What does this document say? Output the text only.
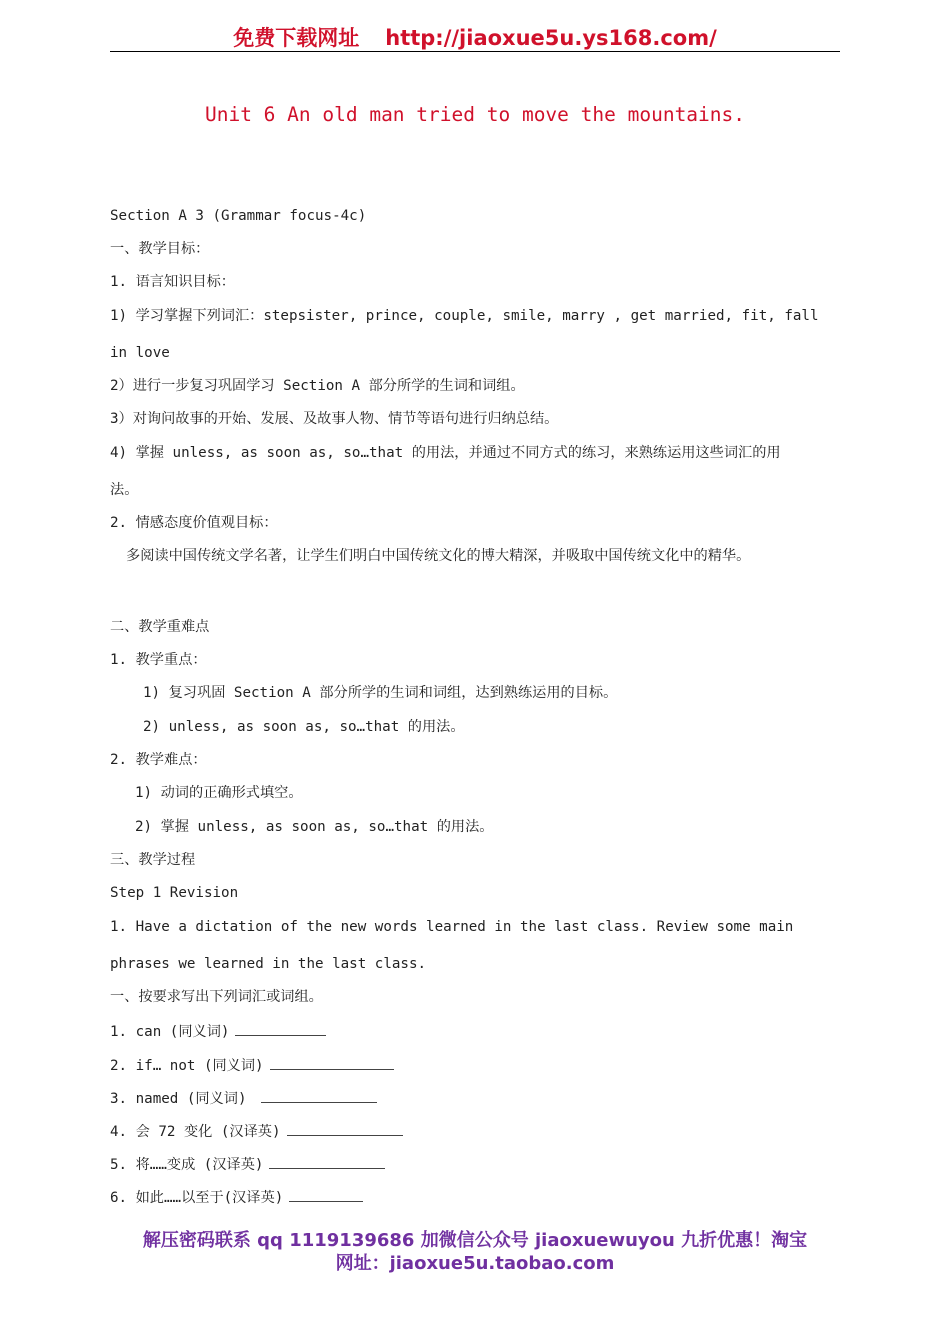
免费下载网址 http://jiaoxue5u.ys168.com/
Unit 6 An old man tried to move the mountains.
Section A 3 (Grammar focus-4c)
一、教学目标：
1. 语言知识目标：
1) 学习掌握下列词汇：stepsister, prince, couple, smile, marry , get married, fit, fall
in love
2）进行一步复习巩固学习 Section A 部分所学的生词和词组。
3）对询问故事的开始、发展、及故事人物、情节等语句进行归纳总结。
4) 掌握 unless, as soon as, so…that 的用法，并通过不同方式的练习，来熟练运用这些词汇的用
法。
2. 情感态度价值观目标：
多阅读中国传统文学名著，让学生们明白中国传统文化的博大精深，并吸取中国传统文化中的精华。
二、教学重难点
1. 教学重点：
1) 复习巩固 Section A 部分所学的生词和词组，达到熟练运用的目标。
2) unless, as soon as, so…that 的用法。
2. 教学难点：
1) 动词的正确形式填空。
2) 掌握 unless, as soon as, so…that 的用法。
三、教学过程
Step 1 Revision
1. Have a dictation of the new words learned in the last class. Review some main
phrases we learned in the last class.
一、按要求写出下列词汇或词组。
1. can (同义词)
2. if… not (同义词)
3. named (同义词)
4. 会 72 变化 (汉译英)
5. 将……变成 (汉译英)
6. 如此……以至于(汉译英)
解压密码联系 qq 1119139686 加微信公众号 jiaoxuewuyou 九折优惠！淘宝
网址：jiaoxue5u.taobao.com
